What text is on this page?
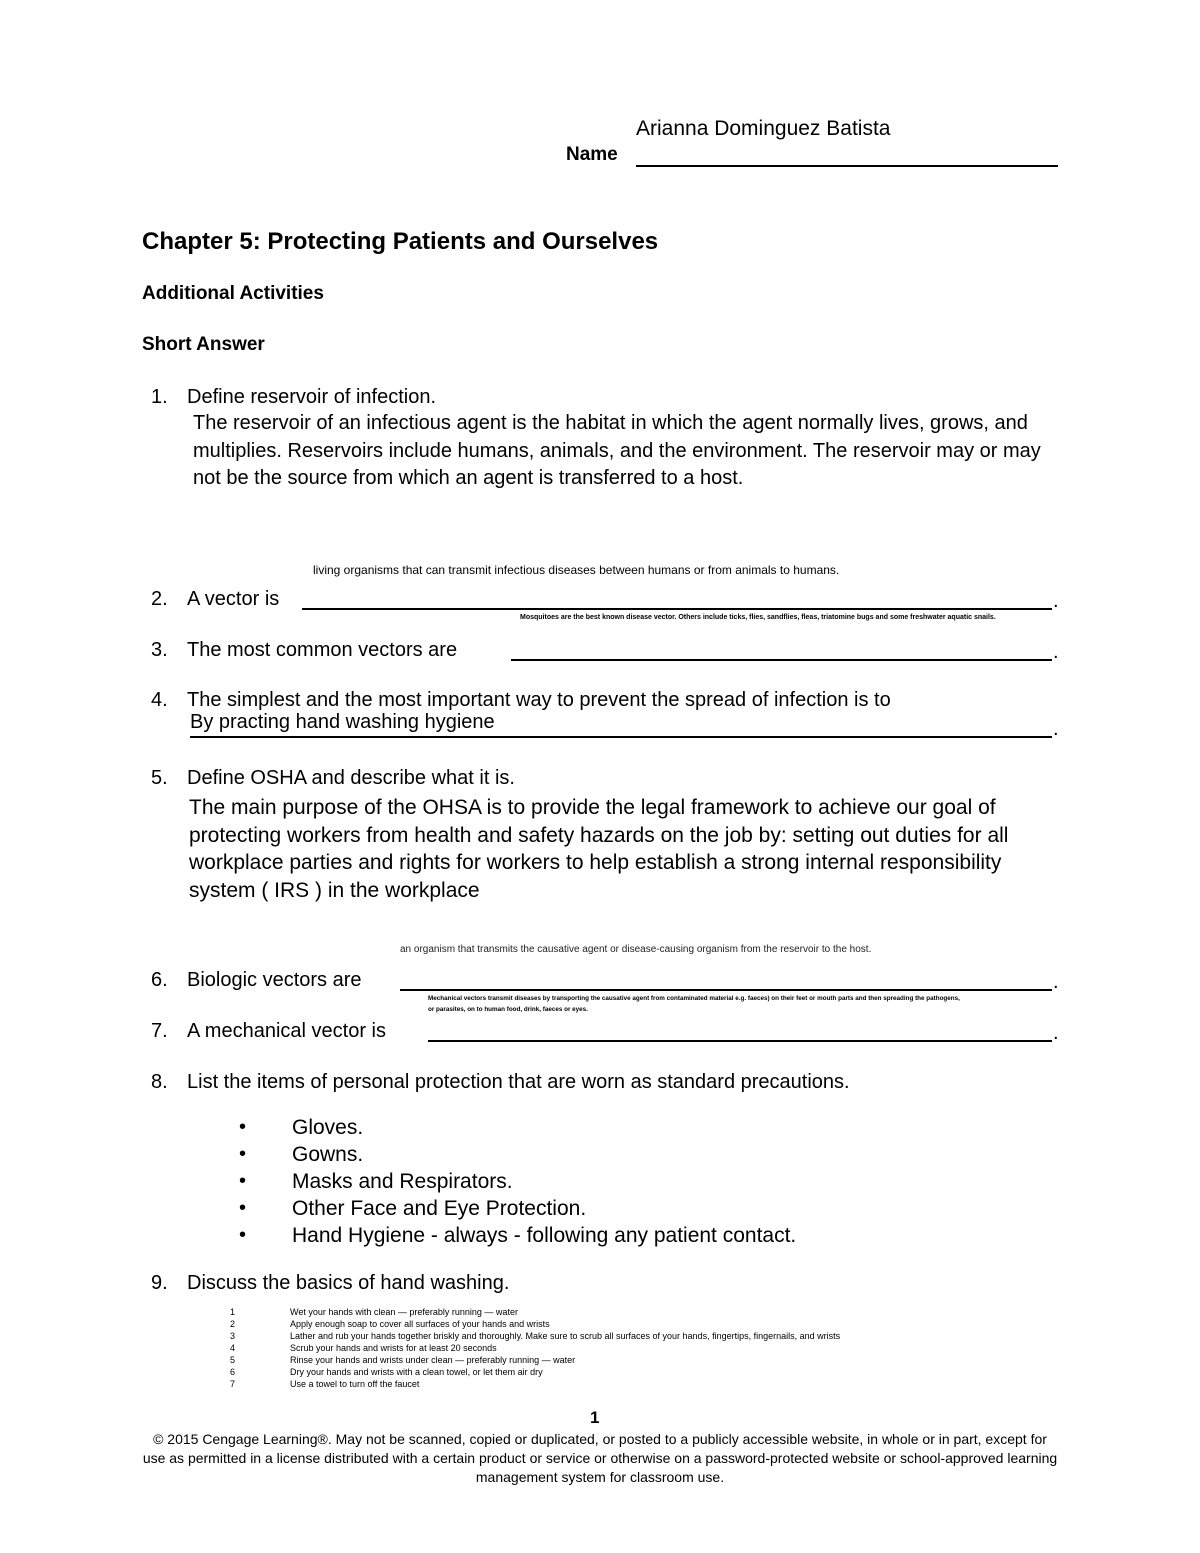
Arianna Dominguez Batista
Name
Chapter 5: Protecting Patients and Ourselves
Additional Activities
Short Answer
1. Define reservoir of infection.
The reservoir of an infectious agent is the habitat in which the agent normally lives, grows, and multiplies. Reservoirs include humans, animals, and the environment. The reservoir may or may not be the source from which an agent is transferred to a host.
living organisms that can transmit infectious diseases between humans or from animals to humans.
2. A vector is	.
Mosquitoes are the best known disease vector. Others include ticks, flies, sandflies, fleas, triatomine bugs and some freshwater aquatic snails.
3. The most common vectors are	.
4. The simplest and the most important way to prevent the spread of infection is to
By practing hand washing hygiene	.
5. Define OSHA and describe what it is.
The main purpose of the OHSA is to provide the legal framework to achieve our goal of protecting workers from health and safety hazards on the job by: setting out duties for all workplace parties and rights for workers to help establish a strong internal responsibility system ( IRS ) in the workplace
an organism that transmits the causative agent or disease-causing organism from the reservoir to the host.
6. Biologic vectors are	.
Mechanical vectors transmit diseases by transporting the causative agent from contaminated material e.g. faeces) on their feet or mouth parts and then spreading the pathogens,
or parasites, on to human food, drink, faeces or eyes.
7. A mechanical vector is	.
8. List the items of personal protection that are worn as standard precautions.
• Gloves.
• Gowns.
• Masks and Respirators.
• Other Face and Eye Protection.
• Hand Hygiene - always - following any patient contact.
9. Discuss the basics of hand washing.
1	Wet your hands with clean — preferably running — water
2	Apply enough soap to cover all surfaces of your hands and wrists
3	Lather and rub your hands together briskly and thoroughly. Make sure to scrub all surfaces of your hands, fingertips, fingernails, and wrists
4	Scrub your hands and wrists for at least 20 seconds
5	Rinse your hands and wrists under clean — preferably running — water
6	Dry your hands and wrists with a clean towel, or let them air dry
7	Use a towel to turn off the faucet
1
© 2015 Cengage Learning®. May not be scanned, copied or duplicated, or posted to a publicly accessible website, in whole or in part, except for use as permitted in a license distributed with a certain product or service or otherwise on a password-protected website or school-approved learning management system for classroom use.
